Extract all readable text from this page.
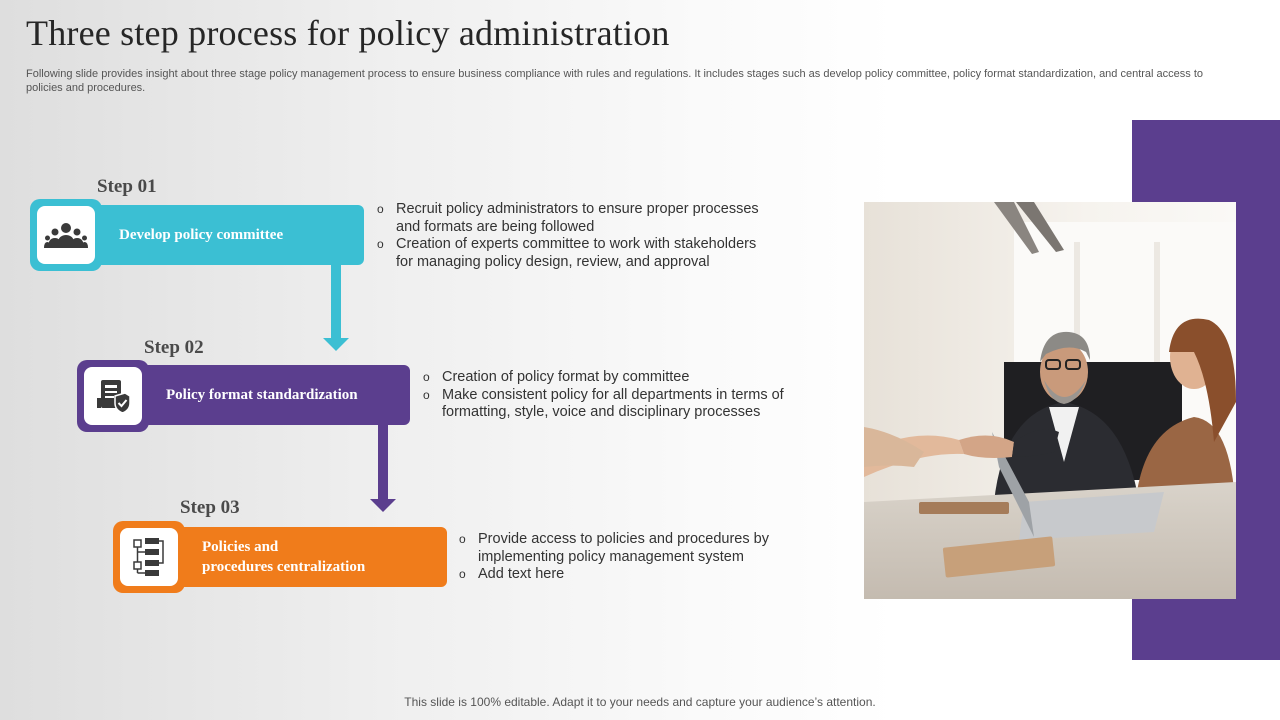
Three step process for policy administration

Following slide provides insight about three stage policy management process to ensure business compliance with rules and regulations. It includes stages such as develop policy committee, policy format standardization, and central access to policies and procedures.

Step 01
Develop policy committee
o Recruit policy administrators to ensure proper processes and formats are being followed
o Creation of experts committee to work with stakeholders for managing policy design, review, and approval
Step 02
Policy format standardization
o Creation of policy format by committee
o Make consistent policy for all departments in terms of formatting, style, voice and disciplinary processes
Step 03
Policies and
procedures centralization
o Provide access to policies and procedures by implementing policy management system
o Add text here
This slide is 100% editable. Adapt it to your needs and capture your audience’s attention.
